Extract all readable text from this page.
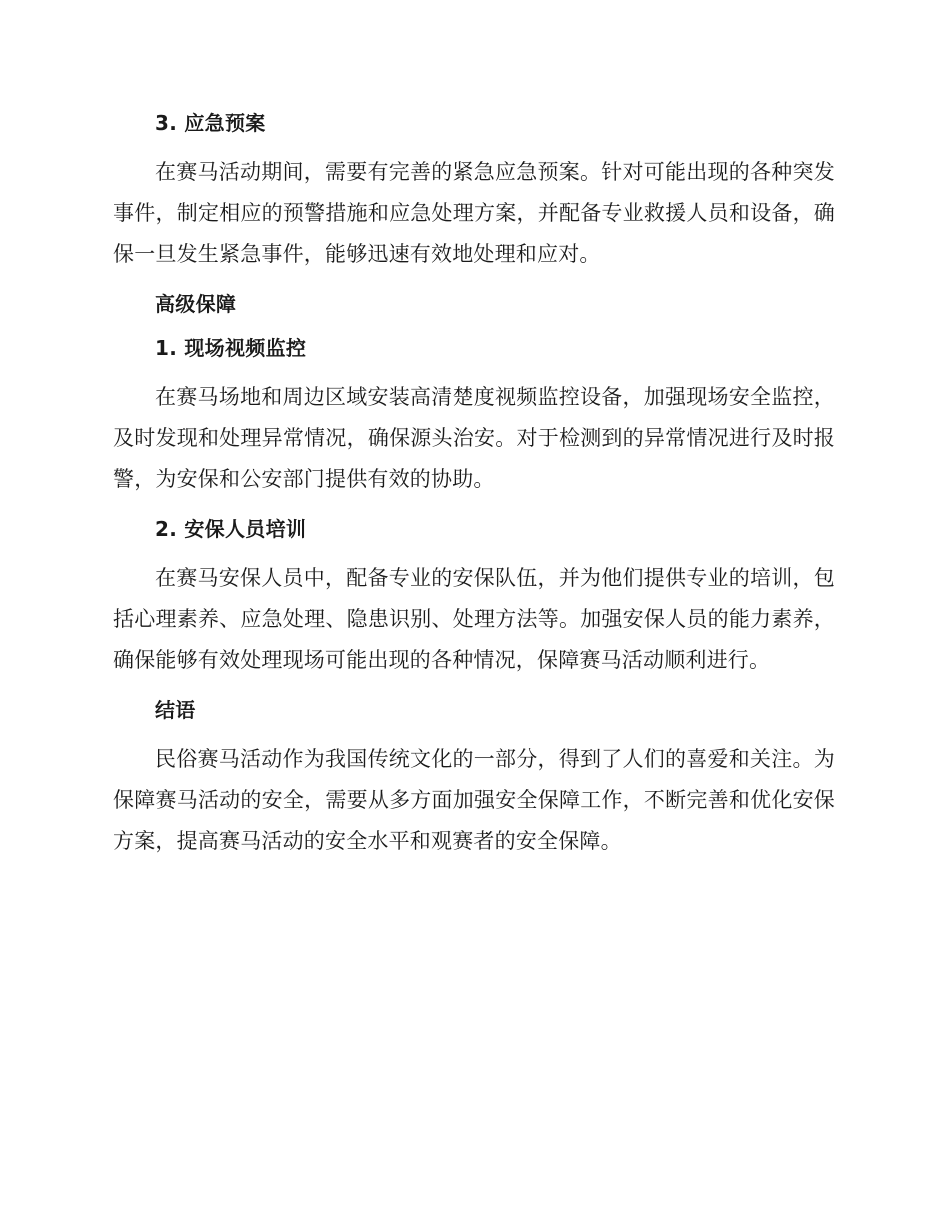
3. 应急预案

在赛马活动期间，需要有完善的紧急应急预案。针对可能出现的各种突发事件，制定相应的预警措施和应急处理方案，并配备专业救援人员和设备，确保一旦发生紧急事件，能够迅速有效地处理和应对。

高级保障
1. 现场视频监控

在赛马场地和周边区域安装高清楚度视频监控设备，加强现场安全监控，及时发现和处理异常情况，确保源头治安。对于检测到的异常情况进行及时报警，为安保和公安部门提供有效的协助。

2. 安保人员培训

在赛马安保人员中，配备专业的安保队伍，并为他们提供专业的培训，包括心理素养、应急处理、隐患识别、处理方法等。加强安保人员的能力素养，确保能够有效处理现场可能出现的各种情况，保障赛马活动顺利进行。

结语

民俗赛马活动作为我国传统文化的一部分，得到了人们的喜爱和关注。为保障赛马活动的安全，需要从多方面加强安全保障工作，不断完善和优化安保方案，提高赛马活动的安全水平和观赛者的安全保障。
